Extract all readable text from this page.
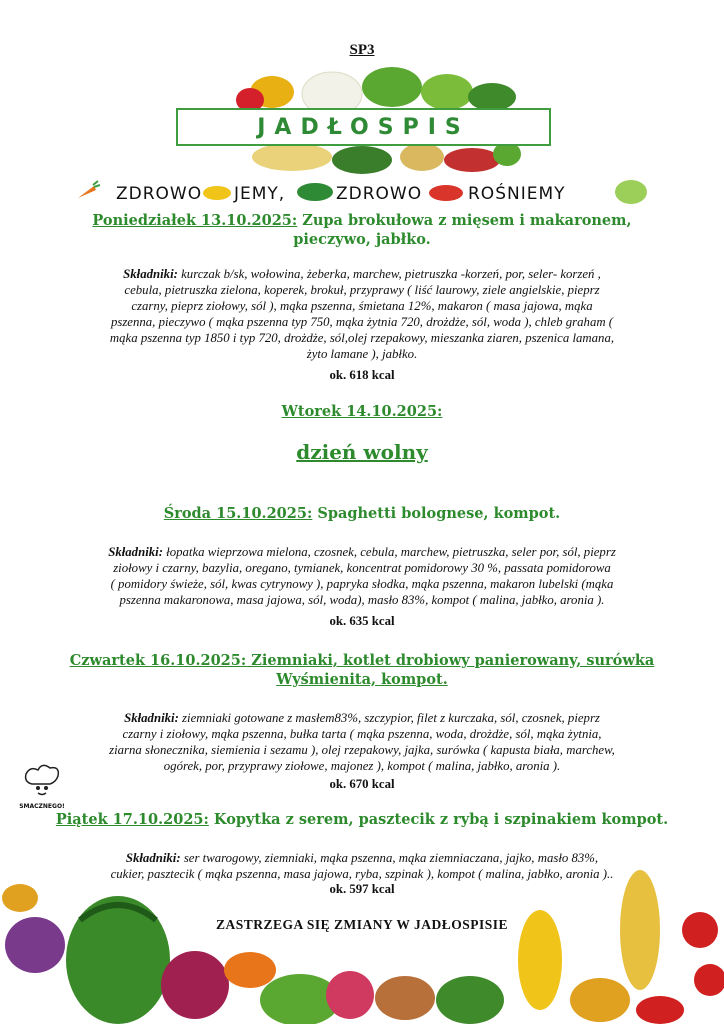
SP3
JADŁOSPIS
ZDROWO JEMY,	ZDROWO	ROŚNIEMY
Poniedziałek 13.10.2025: Zupa brokułowa z mięsem i makaronem,
pieczywo, jabłko.
Składniki: kurczak b/sk, wołowina, żeberka, marchew, pietruszka -korzeń, por, seler- korzeń ,
cebula, pietruszka zielona, koperek, brokuł, przyprawy ( liść laurowy, ziele angielskie, pieprz
czarny, pieprz ziołowy, sól ), mąka pszenna, śmietana 12%, makaron ( masa jajowa, mąka
pszenna, pieczywo ( mąka pszenna typ 750, mąka żytnia 720, drożdże, sól, woda ), chleb graham (
mąka pszenna typ 1850 i typ 720, drożdże, sól,olej rzepakowy, mieszanka ziaren, pszenica lamana,
żyto lamane ), jabłko.
ok. 618 kcal
Wtorek 14.10.2025:
dzień wolny
Środa 15.10.2025: Spaghetti bolognese, kompot.
Składniki: łopatka wieprzowa mielona, czosnek, cebula, marchew, pietruszka, seler por, sól, pieprz
ziołowy i czarny, bazylia, oregano, tymianek, koncentrat pomidorowy 30 %, passata pomidorowa
( pomidory świeże, sól, kwas cytrynowy ), papryka słodka, mąka pszenna, makaron lubelski (mąka
pszenna makaronowa, masa jajowa, sól, woda), masło 83%, kompot ( malina, jabłko, aronia ).
ok. 635 kcal
Czwartek 16.10.2025: Ziemniaki, kotlet drobiowy panierowany, surówka
Wyśmienita, kompot.
Składniki: ziemniaki gotowane z masłem83%, szczypior, filet z kurczaka, sól, czosnek, pieprz
czarny i ziołowy, mąka pszenna, bułka tarta ( mąka pszenna, woda, drożdże, sól, mąka żytnia,
ziarna słonecznika, siemienia i sezamu ), olej rzepakowy, jajka, surówka ( kapusta biała, marchew,
ogórek, por, przyprawy ziołowe, majonez ), kompot ( malina, jabłko, aronia ).
ok. 670 kcal
SMACZNEGO!
Piątek 17.10.2025: Kopytka z serem, pasztecik z rybą i szpinakiem kompot.
Składniki: ser twarogowy, ziemniaki, mąka pszenna, mąka ziemniaczana, jajko, masło 83%,
cukier, pasztecik ( mąka pszenna, masa jajowa, ryba, szpinak ), kompot ( malina, jabłko, aronia )..
ok. 597 kcal
ZASTRZEGA SIĘ ZMIANY W JADŁOSPISIE
